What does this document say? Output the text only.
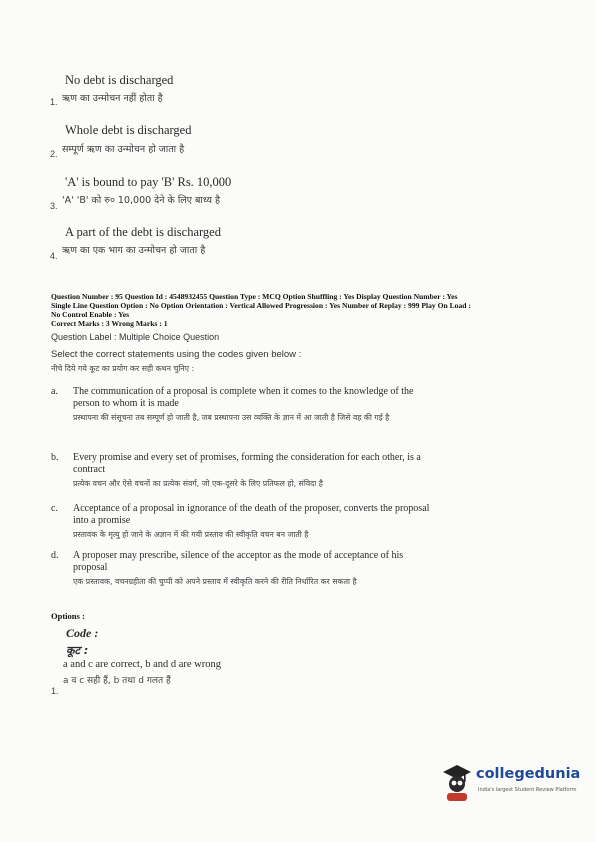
No debt is discharged
1. ऋण का उन्मोचन नहीं होता है
Whole debt is discharged
2. सम्पूर्ण ऋण का उन्मोचन हो जाता है
'A' is bound to pay 'B' Rs. 10,000
3. 'A' 'B' को रु० 10,000 देने के लिए बाध्य है
A part of the debt is discharged
4. ऋण का एक भाग का उन्मोचन हो जाता है
Question Number : 95 Question Id : 4548932455 Question Type : MCQ Option Shuffling : Yes Display Question Number : Yes
Single Line Question Option : No Option Orientation : Vertical Allowed Progression : Yes Number of Replay : 999 Play On Load :
No Control Enable : Yes
Correct Marks : 3 Wrong Marks : 1
Question Label : Multiple Choice Question
Select the correct statements using the codes given below :
नीचे दिये गये कूट का प्रयोग कर सही कथन चुनिए :
a. The communication of a proposal is complete when it comes to the knowledge of the person to whom it is made
प्रस्थापना की संसूचना तब सम्पूर्ण हो जाती है, जब प्रस्थापना उस व्यक्ति के ज्ञान में आ जाती है जिसे वह की गई है
b. Every promise and every set of promises, forming the consideration for each other, is a contract
प्रत्येक वचन और ऐसे वचनों का प्रत्येक संवर्ग, जो एक-दूसरे के लिए प्रतिफल हो, संविदा है
c. Acceptance of a proposal in ignorance of the death of the proposer, converts the proposal into a promise
प्रस्तावक के मृत्यु हो जाने के अज्ञान में की गयी प्रस्ताव की स्वीकृति वचन बन जाती है
d. A proposer may prescribe, silence of the acceptor as the mode of acceptance of his proposal
एक प्रस्तावक, वचनग्रहीता की चुप्पी को अपने प्रस्ताव में स्वीकृति करने की रीति निर्धारित कर सकता है
Options :
Code :
कूट :
a and c are correct, b and d are wrong
a व c सही हैं, b तथा d गलत हैं
1.
collegedunia
India's largest Student Review Platform
